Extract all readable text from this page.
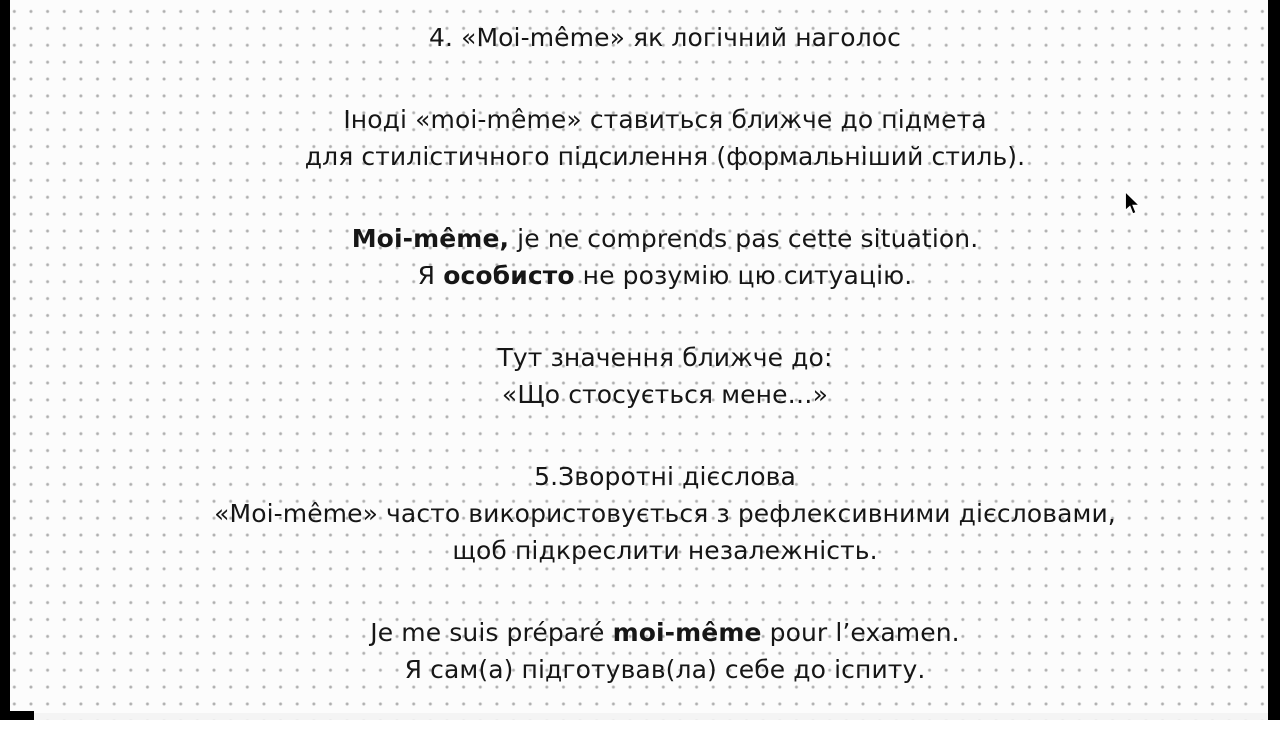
4. «Moi-même» як логічний наголос
Іноді «moi-même» ставиться ближче до підмета
для стилістичного підсилення (формальніший стиль).
Moi-même, je ne comprends pas cette situation.
Я особисто не розумію цю ситуацію.
Тут значення ближче до:
«Що стосується мене…»
5.Зворотні дієслова
«Moi-même» часто використовується з рефлексивними дієсловами,
щоб підкреслити незалежність.
Je me suis préparé moi-même pour l’examen.
Я сам(а) підготував(ла) себе до іспиту.
